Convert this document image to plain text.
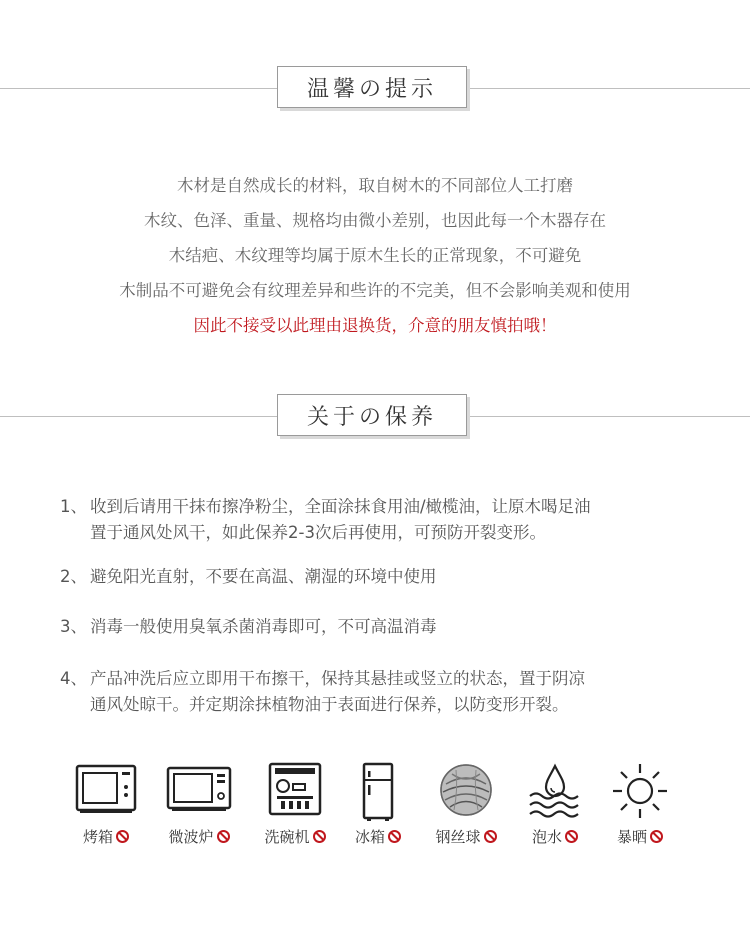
温馨の提示
木材是自然成长的材料，取自树木的不同部位人工打磨
木纹、色泽、重量、规格均由微小差别，也因此每一个木器存在
木结疤、木纹理等均属于原木生长的正常现象，不可避免
木制品不可避免会有纹理差异和些许的不完美，但不会影响美观和使用
因此不接受以此理由退换货，介意的朋友慎拍哦！
关于の保养
1、 收到后请用干抹布擦净粉尘，全面涂抹食用油/橄榄油，让原木喝足油
置于通风处风干，如此保养2-3次后再使用，可预防开裂变形。
2、 避免阳光直射，不要在高温、潮湿的环境中使用
3、 消毒一般使用臭氧杀菌消毒即可，不可高温消毒
4、 产品冲洗后应立即用干布擦干，保持其悬挂或竖立的状态，置于阴凉
通风处晾干。并定期涂抹植物油于表面进行保养，以防变形开裂。
烤箱	微波炉	洗碗机	冰箱	钢丝球	泡水	暴晒
